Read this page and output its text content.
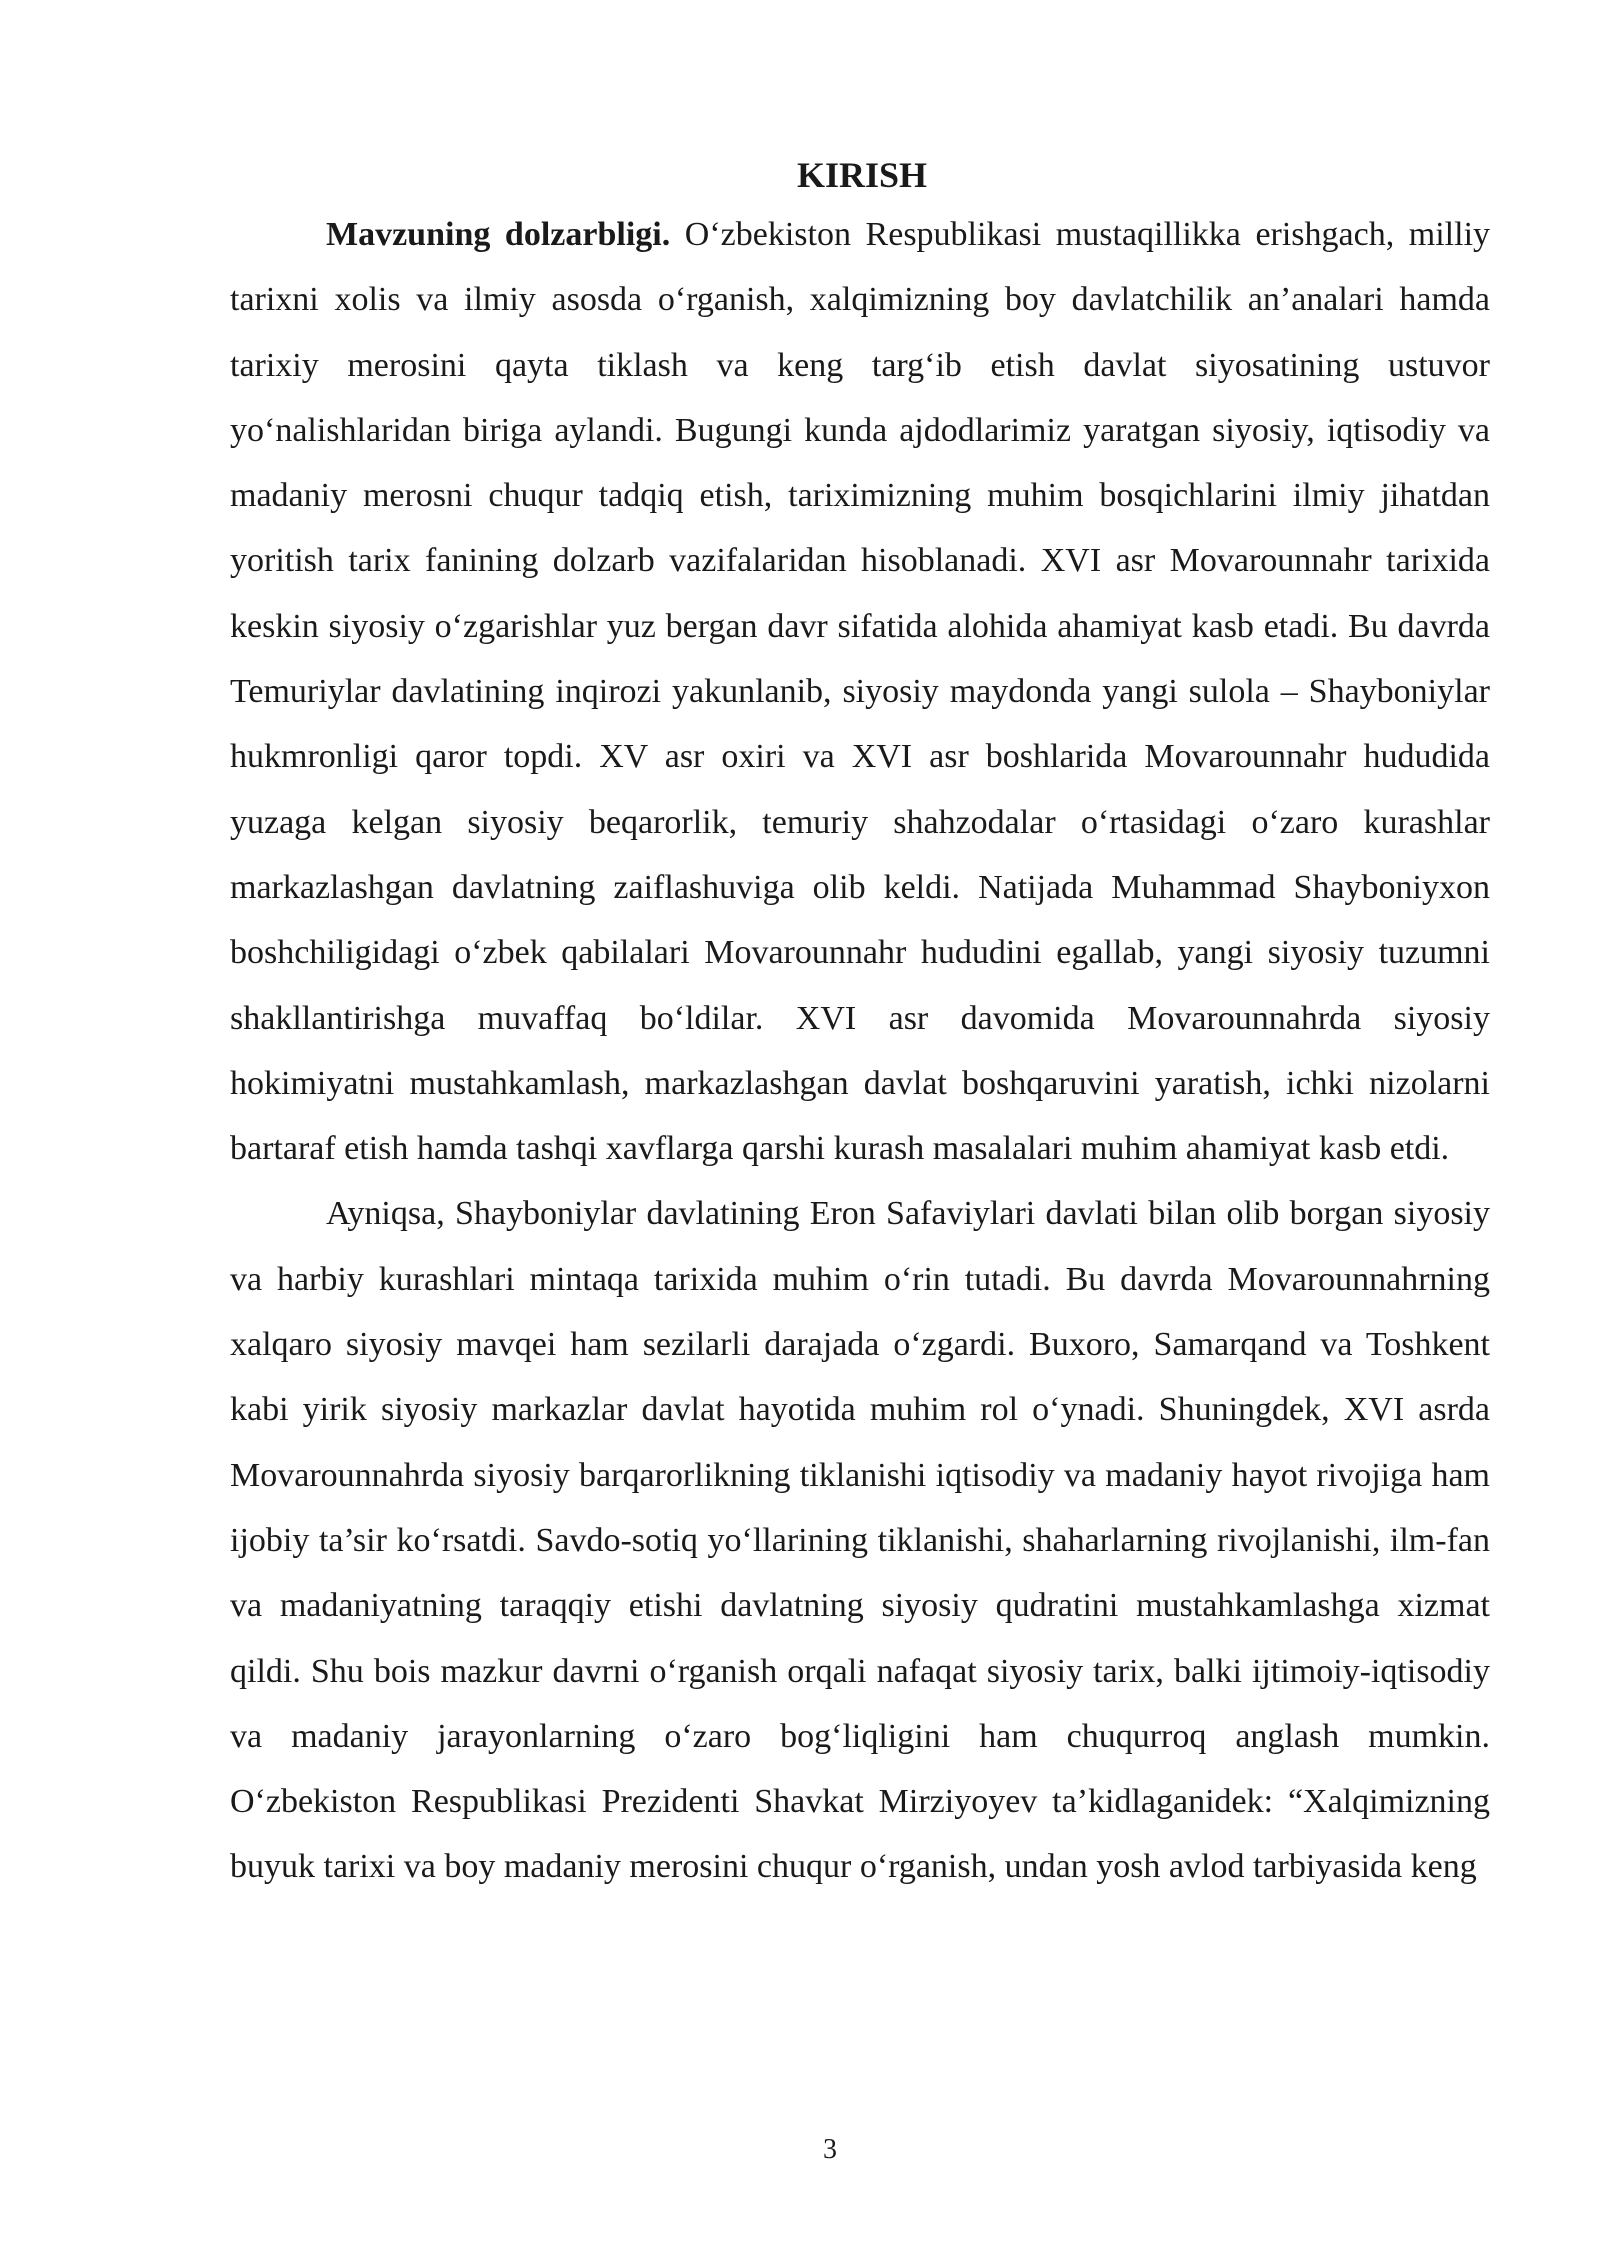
KIRISH

Mavzuning dolzarbligi. O‘zbekiston Respublikasi mustaqillikka erishgach, milliy tarixni xolis va ilmiy asosda o‘rganish, xalqimizning boy davlatchilik an’analari hamda tarixiy merosini qayta tiklash va keng targ‘ib etish davlat siyosatining ustuvor yo‘nalishlaridan biriga aylandi. Bugungi kunda ajdodlarimiz yaratgan siyosiy, iqtisodiy va madaniy merosni chuqur tadqiq etish, tariximizning muhim bosqichlarini ilmiy jihatdan yoritish tarix fanining dolzarb vazifalaridan hisoblanadi. XVI asr Movarounnahr tarixida keskin siyosiy o‘zgarishlar yuz bergan davr sifatida alohida ahamiyat kasb etadi. Bu davrda Temuriylar davlatining inqirozi yakunlanib, siyosiy maydonda yangi sulola – Shayboniylar hukmronligi qaror topdi. XV asr oxiri va XVI asr boshlarida Movarounnahr hududida yuzaga kelgan siyosiy beqarorlik, temuriy shahzodalar o‘rtasidagi o‘zaro kurashlar markazlashgan davlatning zaiflashuviga olib keldi. Natijada Muhammad Shayboniyxon boshchiligidagi o‘zbek qabilalari Movarounnahr hududini egallab, yangi siyosiy tuzumni shakllantirishga muvaffaq bo‘ldilar. XVI asr davomida Movarounnahrda siyosiy hokimiyatni mustahkamlash, markazlashgan davlat boshqaruvini yaratish, ichki nizolarni bartaraf etish hamda tashqi xavflarga qarshi kurash masalalari muhim ahamiyat kasb etdi.

Ayniqsa, Shayboniylar davlatining Eron Safaviylari davlati bilan olib borgan siyosiy va harbiy kurashlari mintaqa tarixida muhim o‘rin tutadi. Bu davrda Movarounnahrning xalqaro siyosiy mavqei ham sezilarli darajada o‘zgardi. Buxoro, Samarqand va Toshkent kabi yirik siyosiy markazlar davlat hayotida muhim rol o‘ynadi. Shuningdek, XVI asrda Movarounnahrda siyosiy barqarorlikning tiklanishi iqtisodiy va madaniy hayot rivojiga ham ijobiy ta’sir ko‘rsatdi. Savdo-sotiq yo‘llarining tiklanishi, shaharlarning rivojlanishi, ilm-fan va madaniyatning taraqqiy etishi davlatning siyosiy qudratini mustahkamlashga xizmat qildi. Shu bois mazkur davrni o‘rganish orqali nafaqat siyosiy tarix, balki ijtimoiy-iqtisodiy va madaniy jarayonlarning o‘zaro bog‘liqligini ham chuqurroq anglash mumkin. O‘zbekiston Respublikasi Prezidenti Shavkat Mirziyoyev ta’kidlaganidek: “Xalqimizning buyuk tarixi va boy madaniy merosini chuqur o‘rganish, undan yosh avlod tarbiyasida keng

3
